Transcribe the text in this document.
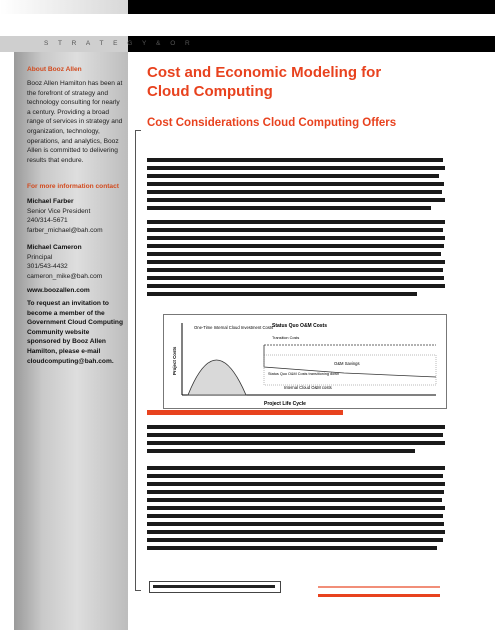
S T R A T E G Y & O R
About Booz Allen
Booz Allen Hamilton has been at the forefront of strategy and technology consulting for nearly a century. Providing a broad range of services in strategy and organization, technology, operations, and analytics, Booz Allen is committed to delivering results that endure.
For more information contact
Michael Farber
Senior Vice President
240/314-5671
farber_michael@bah.com
Michael Cameron
Principal
301/543-4432
cameron_mike@bah.com
www.boozallen.com
To request an invitation to become a member of the Government Cloud Computing Community website sponsored by Booz Allen Hamilton, please e-mail cloudcomputing@bah.com.
Cost and Economic Modeling for Cloud Computing
Cost Considerations Cloud Computing Offers
One-Time Internal Cloud Investment Costs
Status Quo O&M Costs
Transition Costs
O&M Savings
Status Quo O&M Costs transitioning down
Internal Cloud O&M costs
Project Costs
Project Life Cycle
